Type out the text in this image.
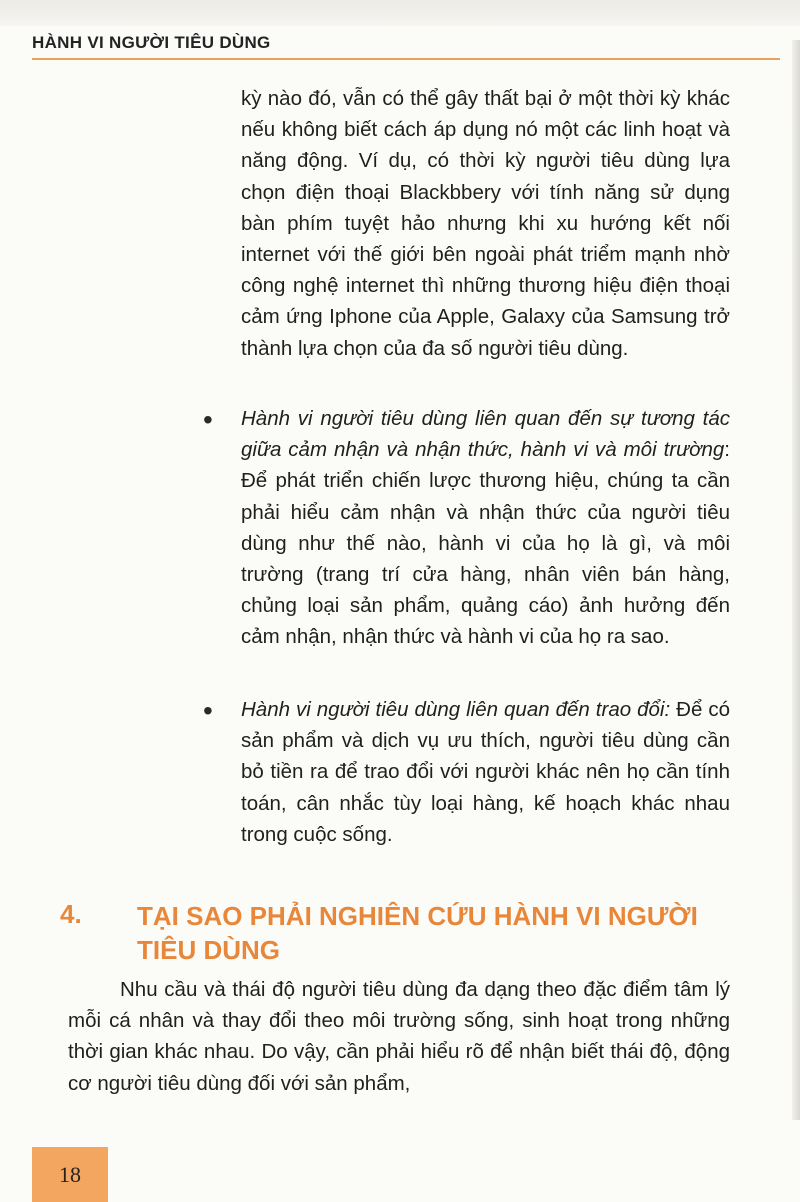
HÀNH VI NGƯỜI TIÊU DÙNG

kỳ nào đó, vẫn có thể gây thất bại ở một thời kỳ khác nếu không biết cách áp dụng nó một các linh hoạt và năng động. Ví dụ, có thời kỳ người tiêu dùng lựa chọn điện thoại Blackbbery với tính năng sử dụng bàn phím tuyệt hảo nhưng khi xu hướng kết nối internet với thế giới bên ngoài phát triểm mạnh nhờ công nghệ internet thì những thương hiệu điện thoại cảm ứng Iphone của Apple, Galaxy của Samsung trở thành lựa chọn của đa số người tiêu dùng.

•

Hành vi người tiêu dùng liên quan đến sự tương tác giữa cảm nhận và nhận thức, hành vi và môi trường: Để phát triển chiến lược thương hiệu, chúng ta cần phải hiểu cảm nhận và nhận thức của người tiêu dùng như thế nào, hành vi của họ là gì, và môi trường (trang trí cửa hàng, nhân viên bán hàng, chủng loại sản phẩm, quảng cáo) ảnh hưởng đến cảm nhận, nhận thức và hành vi của họ ra sao.

•

Hành vi người tiêu dùng liên quan đến trao đổi: Để có sản phẩm và dịch vụ ưu thích, người tiêu dùng cần bỏ tiền ra để trao đổi với người khác nên họ cần tính toán, cân nhắc tùy loại hàng, kế hoạch khác nhau trong cuộc sống.

4. TẠI SAO PHẢI NGHIÊN CỨU HÀNH VI NGƯỜI TIÊU DÙNG

Nhu cầu và thái độ người tiêu dùng đa dạng theo đặc điểm tâm lý mỗi cá nhân và thay đổi theo môi trường sống, sinh hoạt trong những thời gian khác nhau. Do vậy, cần phải hiểu rõ để nhận biết thái độ, động cơ người tiêu dùng đối với sản phẩm,

18
